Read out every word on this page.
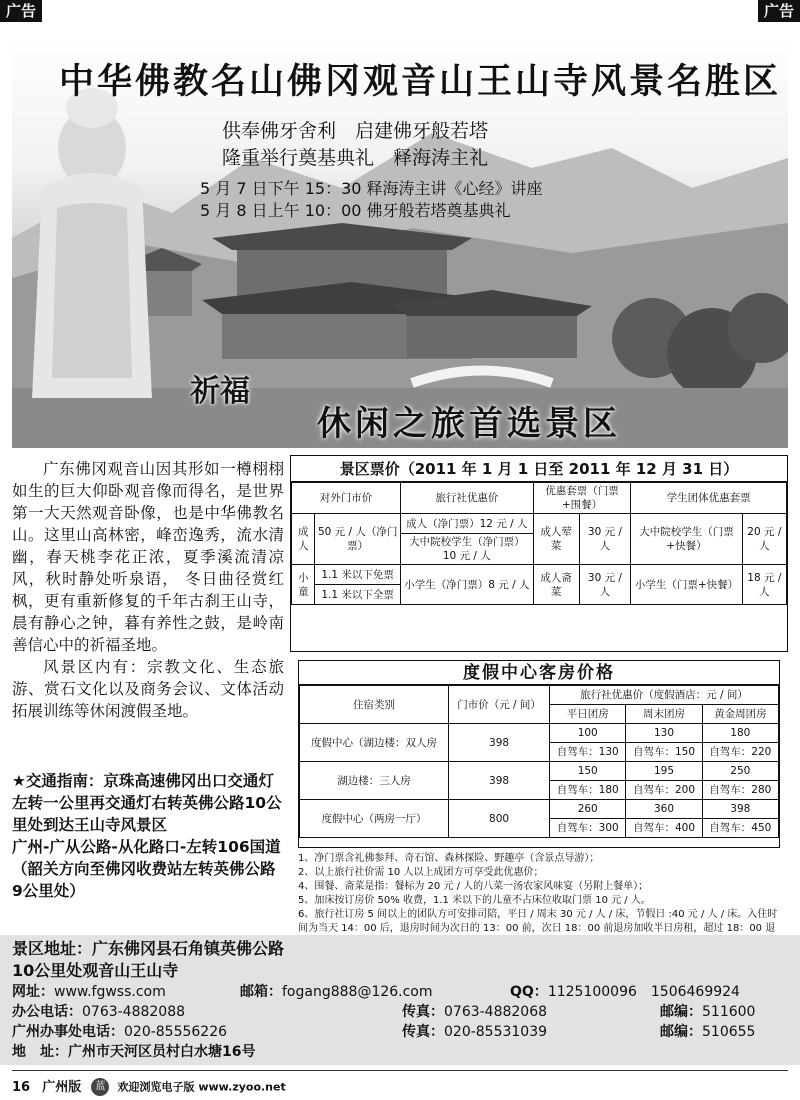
广告	广告
中华佛教名山佛冈观音山王山寺风景名胜区
供奉佛牙舍利　启建佛牙般若塔
隆重举行奠基典礼　释海涛主礼
5 月 7 日下午 15：30 释海涛主讲《心经》讲座
5 月 8 日上午 10：00 佛牙般若塔奠基典礼
祈福
休闲之旅首选景区

广东佛冈观音山因其形如一樽栩栩如生的巨大仰卧观音像而得名，是世界第一大天然观音卧像，也是中华佛教名山。这里山高林密，峰峦逸秀，流水清幽，春天桃李花正浓，夏季溪流清凉风，秋时静处听泉语， 冬日曲径赏红枫，更有重新修复的千年古刹王山寺，晨有静心之钟，暮有养性之鼓，是岭南善信心中的祈福圣地。

风景区内有：宗教文化、生态旅游、赏石文化以及商务会议、文体活动拓展训练等休闲渡假圣地。

★交通指南：京珠高速佛冈出口交通灯左转一公里再交通灯右转英佛公路10公里处到达王山寺风景区
广州-广从公路-从化路口-左转106国道（韶关方向至佛冈收费站左转英佛公路9公里处）
景区票价（2011 年 1 月 1 日至 2011 年 12 月 31 日）
对外门市价		旅行社优惠价	优惠套票（门票+围餐）		学生团体优惠套票	
成人	50 元 / 人（净门票）	成人（净门票）12 元 / 人	成人荤菜	30 元 / 人	大中院校学生（门票+快餐）	20 元 / 人
		大中院校学生（净门票）10 元 / 人				
小童	1.1 米以下免票	小学生（净门票）8 元 / 人	成人斋菜	30 元 / 人	小学生（门票+快餐）	18 元 / 人
	1.1 米以下全票					
度假中心客房价格
住宿类别	门市价（元 / 间）	旅行社优惠价（度假酒店：元 / 间）		
		平日团房	周末团房	黄金周团房
度假中心（湖边楼：双人房	398	100	130	180
		自驾车：130	自驾车：150	自驾车：220
湖边楼：三人房	398	150	195	250
		自驾车：180	自驾车：200	自驾车：280
度假中心（两房一厅）	800	260	360	398
		自驾车：300	自驾车：400	自驾车：450
1、净门票含礼佛参拜、奇石馆、森林探险、野趣亭（含景点导游）；
2、以上旅行社价需 10 人以上成团方可享受此优惠价；
4、围餐、斋菜是指：餐标为 20 元 / 人的八菜一汤农家风味宴（另附上餐单）；
5、加床按订房价 50% 收费，1.1 米以下的儿童不占床位收取门票 10 元 / 人。
6、旅行社订房 5 间以上的团队方可安排司陪，平日 / 周末 30 元 / 人 / 床，节假日 :40 元 / 人 / 床。入住时间为当天 14：00 后，退房时间为次日的 13：00 前，次日 18：00 前退房加收半日房租，超过 18：00 退
景区地址：广东佛冈县石角镇英佛公路10公里处观音山王山寺
网址：www.fgwss.com	邮箱：fogang888@126.com	QQ：1125100096　1506469924
办公电话：0763-4882088	传真：0763-4882068	邮编：511600
广州办事处电话：020-85556226	传真：020-85531039	邮编：510655
地　址：广州市天河区员村白水塘16号
16 广州版 蓝 欢迎浏览电子版 www.zyoo.net
